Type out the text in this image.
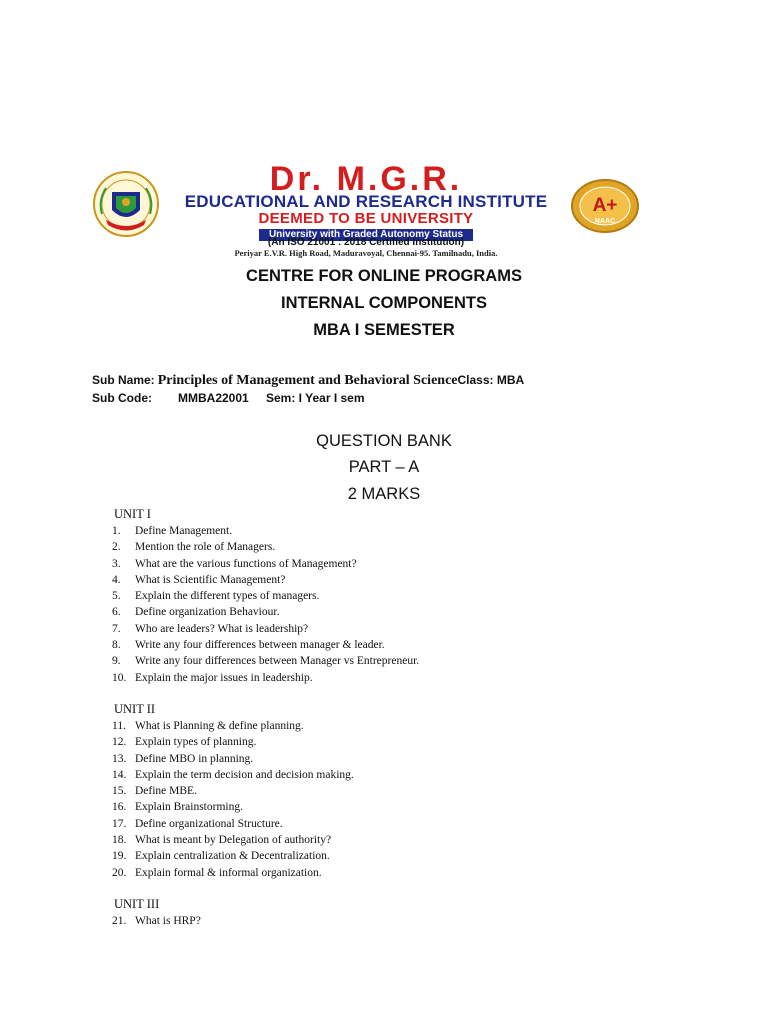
Dr. M.G.R.
EDUCATIONAL AND RESEARCH INSTITUTE
DEEMED TO BE UNIVERSITY
University with Graded Autonomy Status
(An ISO 21001 : 2018 Certified Institution)
Periyar E.V.R. High Road, Maduravoyal, Chennai-95. Tamilnadu, India.
A+
NAAC
CENTRE FOR ONLINE PROGRAMS
INTERNAL COMPONENTS
MBA I SEMESTER
Sub Name: Principles of Management and Behavioral ScienceClass: MBA
Sub Code: MMBA22001 Sem: I Year I sem
QUESTION BANK
PART – A
2 MARKS
UNIT I
1.	Define Management.
2.	Mention the role of Managers.
3.	What are the various functions of Management?
4.	What is Scientific Management?
5.	Explain the different types of managers.
6.	Define organization Behaviour.
7.	Who are leaders? What is leadership?
8.	Write any four differences between manager & leader.
9.	Write any four differences between Manager vs Entrepreneur.
10. Explain the major issues in leadership.
UNIT II
11. What is Planning & define planning.
12. Explain types of planning.
13. Define MBO in planning.
14. Explain the term decision and decision making.
15. Define MBE.
16. Explain Brainstorming.
17. Define organizational Structure.
18. What is meant by Delegation of authority?
19. Explain centralization & Decentralization.
20. Explain formal & informal organization.
UNIT III
21. What is HRP?
